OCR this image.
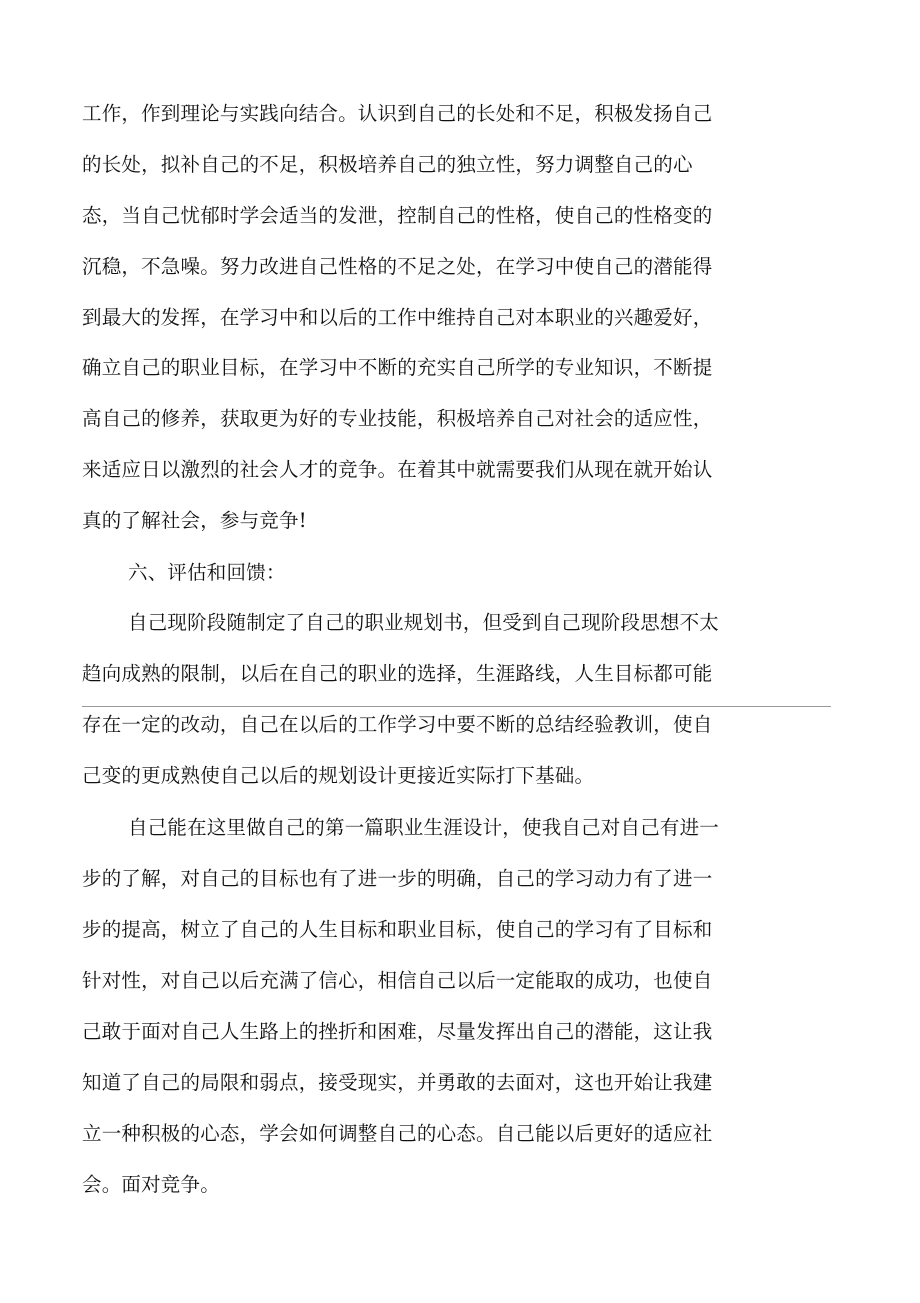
工作，作到理论与实践向结合。认识到自己的长处和不足，积极发扬自己
的长处，拟补自己的不足，积极培养自己的独立性，努力调整自己的心
态，当自己忧郁时学会适当的发泄，控制自己的性格，使自己的性格变的
沉稳，不急噪。努力改进自己性格的不足之处，在学习中使自己的潜能得
到最大的发挥，在学习中和以后的工作中维持自己对本职业的兴趣爱好，
确立自己的职业目标，在学习中不断的充实自己所学的专业知识，不断提
高自己的修养，获取更为好的专业技能，积极培养自己对社会的适应性，
来适应日以激烈的社会人才的竞争。在着其中就需要我们从现在就开始认
真的了解社会，参与竞争!
六、评估和回馈：
自己现阶段随制定了自己的职业规划书，但受到自己现阶段思想不太
趋向成熟的限制，以后在自己的职业的选择，生涯路线，人生目标都可能
存在一定的改动，自己在以后的工作学习中要不断的总结经验教训，使自
己变的更成熟使自己以后的规划设计更接近实际打下基础。
自己能在这里做自己的第一篇职业生涯设计，使我自己对自己有进一
步的了解，对自己的目标也有了进一步的明确，自己的学习动力有了进一
步的提高，树立了自己的人生目标和职业目标，使自己的学习有了目标和
针对性，对自己以后充满了信心，相信自己以后一定能取的成功，也使自
己敢于面对自己人生路上的挫折和困难，尽量发挥出自己的潜能，这让我
知道了自己的局限和弱点，接受现实，并勇敢的去面对，这也开始让我建
立一种积极的心态，学会如何调整自己的心态。自己能以后更好的适应社
会。面对竞争。
